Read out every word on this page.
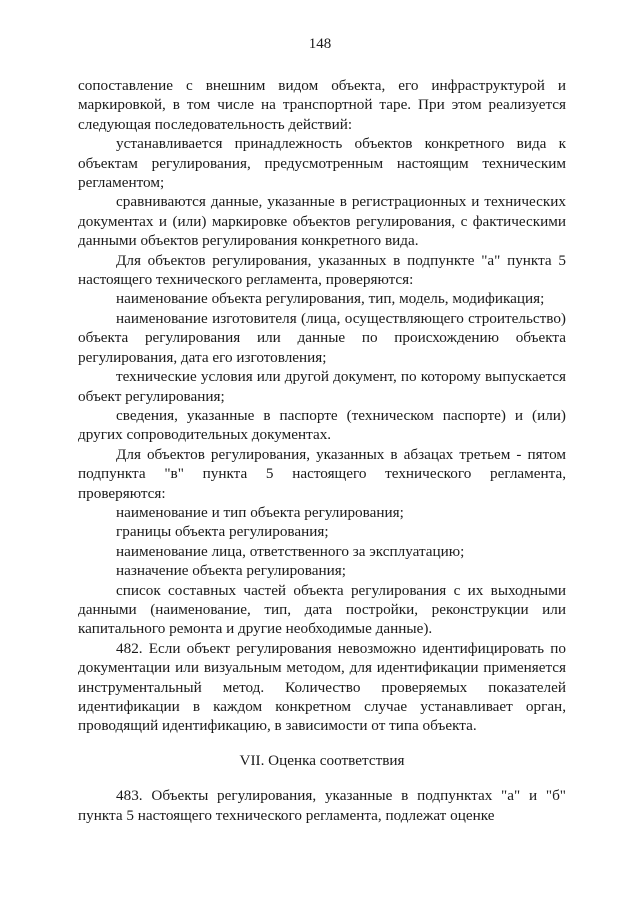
148

сопоставление с внешним видом объекта, его инфраструктурой и маркировкой, в том числе на транспортной таре. При этом реализуется следующая последовательность действий:

устанавливается принадлежность объектов конкретного вида к объектам регулирования, предусмотренным настоящим техническим регламентом;

сравниваются данные, указанные в регистрационных и технических документах и (или) маркировке объектов регулирования, с фактическими данными объектов регулирования конкретного вида.

Для объектов регулирования, указанных в подпункте "а" пункта 5 настоящего технического регламента, проверяются:

наименование объекта регулирования, тип, модель, модификация;

наименование изготовителя (лица, осуществляющего строительство) объекта регулирования или данные по происхождению объекта регулирования, дата его изготовления;

технические условия или другой документ, по которому выпускается объект регулирования;

сведения, указанные в паспорте (техническом паспорте) и (или) других сопроводительных документах.

Для объектов регулирования, указанных в абзацах третьем - пятом подпункта "в" пункта 5 настоящего технического регламента, проверяются:

наименование и тип объекта регулирования;

границы объекта регулирования;

наименование лица, ответственного за эксплуатацию;

назначение объекта регулирования;

список составных частей объекта регулирования с их выходными данными (наименование, тип, дата постройки, реконструкции или капитального ремонта и другие необходимые данные).

482. Если объект регулирования невозможно идентифицировать по документации или визуальным методом, для идентификации применяется инструментальный метод. Количество проверяемых показателей идентификации в каждом конкретном случае устанавливает орган, проводящий идентификацию, в зависимости от типа объекта.

VII. Оценка соответствия

483. Объекты регулирования, указанные в подпунктах "а" и "б" пункта 5 настоящего технического регламента, подлежат оценке
